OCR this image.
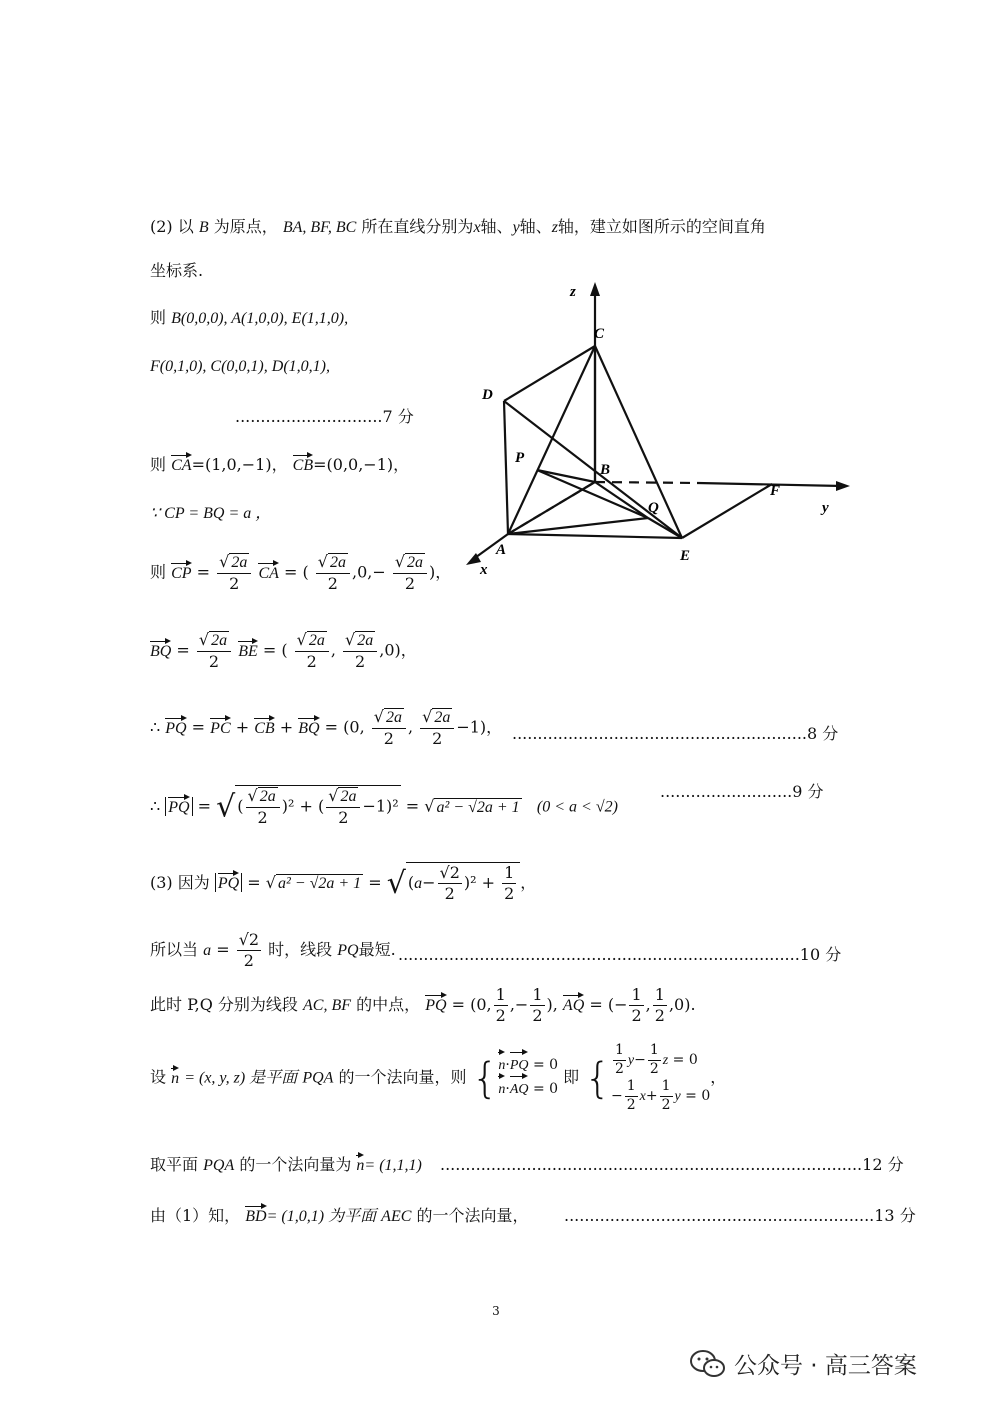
(2) 以 B 为原点， BA, BF, BC 所在直线分别为x轴、y轴、z轴，建立如图所示的空间直角
坐标系.
则 B(0,0,0), A(1,0,0), E(1,1,0),
F(0,1,0), C(0,0,1), D(1,0,1),
.............................7 分
则 CA=(1,0,−1)， CB=(0,0,−1)，
∵ CP = BQ = a ，
则 CP = $\frac{√ 2a}{2}$ CA = ( $\frac{√ 2a}{2} ,0,- \frac{√ 2a}{2}$ )，
BQ = $\frac{√ 2a}{2}$ BE = ( $\frac{√ 2a}{2}$ , $\frac{√ 2a}{2} ,0$)，
∴ PQ = PC + CB + BQ = (0, $\frac{√ 2a}{2}$ , $\frac{√ 2a}{2} -1$)， ..........................................................8 分
∴ PQ = √ ( $\frac{√ 2a}{2} )^2$ + ( $\frac{√ 2a}{2} -1)^2$ = √ a² − √2a + 1 (0 < a < √2)
..........................9 分
(3) 因为 PQ = √ a² − √2a + 1 = √ $(a- \frac{√2}{2} )^2 + \frac{1}{2}$ ，
所以当 $a = \frac{√2}{2}$ 时，线段 PQ最短. ...............................................................................10 分
此时 P,Q 分别为线段 AC, BF 的中点， PQ = (0, $\frac{1}{2}$ ,− $\frac{1}{2}$ ), AQ = (− $\frac{1}{2}$ , $\frac{1}{2} ,0$).
设 n = (x, y, z) 是平面 PQA 的一个法向量，则 { n·PQ = 0
n·AQ = 0
即 { $\frac{1}{2} y- \frac{1}{2}$ z = 0
− $\frac{1}{2} x+ \frac{1}{2}$ y = 0
，
取平面 PQA 的一个法向量为 n= (1,1,1) ...................................................................................12 分
由（1）知， BD= (1,0,1) 为平面 AEC 的一个法向量， .............................................................13 分
z
C
D
P
B
Q
F
y
A	E
x
3
公众号 · 高三答案
